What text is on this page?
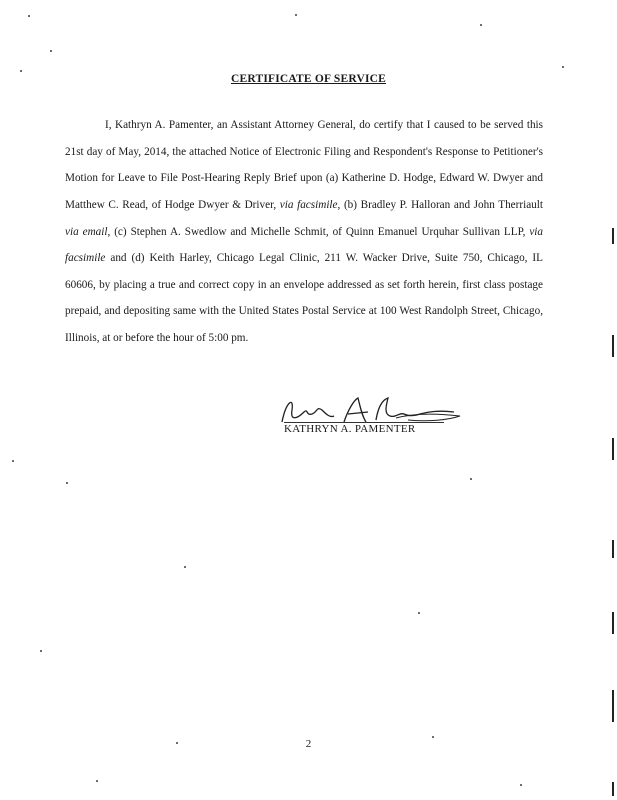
CERTIFICATE OF SERVICE

I, Kathryn A. Pamenter, an Assistant Attorney General, do certify that I caused to be served this 21st day of May, 2014, the attached Notice of Electronic Filing and Respondent's Response to Petitioner's Motion for Leave to File Post-Hearing Reply Brief upon (a) Katherine D. Hodge, Edward W. Dwyer and Matthew C. Read, of Hodge Dwyer & Driver, via facsimile, (b) Bradley P. Halloran and John Therriault via email, (c) Stephen A. Swedlow and Michelle Schmit, of Quinn Emanuel Urquhar Sullivan LLP, via facsimile and (d) Keith Harley, Chicago Legal Clinic, 211 W. Wacker Drive, Suite 750, Chicago, IL 60606, by placing a true and correct copy in an envelope addressed as set forth herein, first class postage prepaid, and depositing same with the United States Postal Service at 100 West Randolph Street, Chicago, Illinois, at or before the hour of 5:00 pm.

KATHRYN A. PAMENTER
2
